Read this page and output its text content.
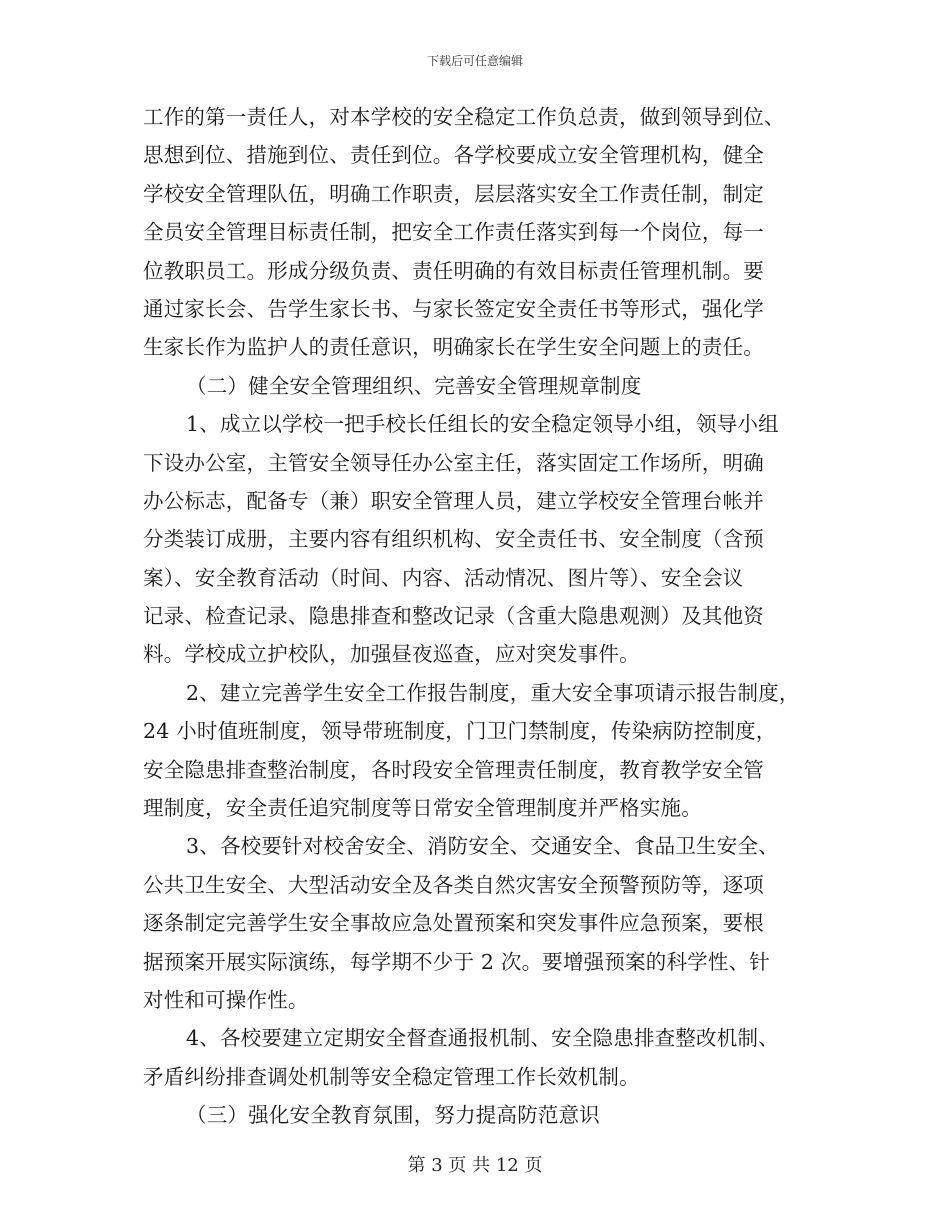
下载后可任意编辑
工作的第一责任人，对本学校的安全稳定工作负总责，做到领导到位、
思想到位、措施到位、责任到位。各学校要成立安全管理机构，健全
学校安全管理队伍，明确工作职责，层层落实安全工作责任制，制定
全员安全管理目标责任制，把安全工作责任落实到每一个岗位，每一
位教职员工。形成分级负责、责任明确的有效目标责任管理机制。要
通过家长会、告学生家长书、与家长签定安全责任书等形式，强化学
生家长作为监护人的责任意识，明确家长在学生安全问题上的责任。
（二）健全安全管理组织、完善安全管理规章制度
1、成立以学校一把手校长任组长的安全稳定领导小组，领导小组
下设办公室，主管安全领导任办公室主任，落实固定工作场所，明确
办公标志，配备专（兼）职安全管理人员，建立学校安全管理台帐并
分类装订成册，主要内容有组织机构、安全责任书、安全制度（含预
案）、安全教育活动（时间、内容、活动情况、图片等）、安全会议
记录、检查记录、隐患排查和整改记录（含重大隐患观测）及其他资
料。学校成立护校队，加强昼夜巡查，应对突发事件。
2、建立完善学生安全工作报告制度，重大安全事项请示报告制度，
24 小时值班制度，领导带班制度，门卫门禁制度，传染病防控制度，
安全隐患排查整治制度，各时段安全管理责任制度，教育教学安全管
理制度，安全责任追究制度等日常安全管理制度并严格实施。
3、各校要针对校舍安全、消防安全、交通安全、食品卫生安全、
公共卫生安全、大型活动安全及各类自然灾害安全预警预防等，逐项
逐条制定完善学生安全事故应急处置预案和突发事件应急预案，要根
据预案开展实际演练，每学期不少于 2 次。要增强预案的科学性、针
对性和可操作性。
4、各校要建立定期安全督查通报机制、安全隐患排查整改机制、
矛盾纠纷排查调处机制等安全稳定管理工作长效机制。
（三）强化安全教育氛围，努力提高防范意识
第 3 页 共 12 页
